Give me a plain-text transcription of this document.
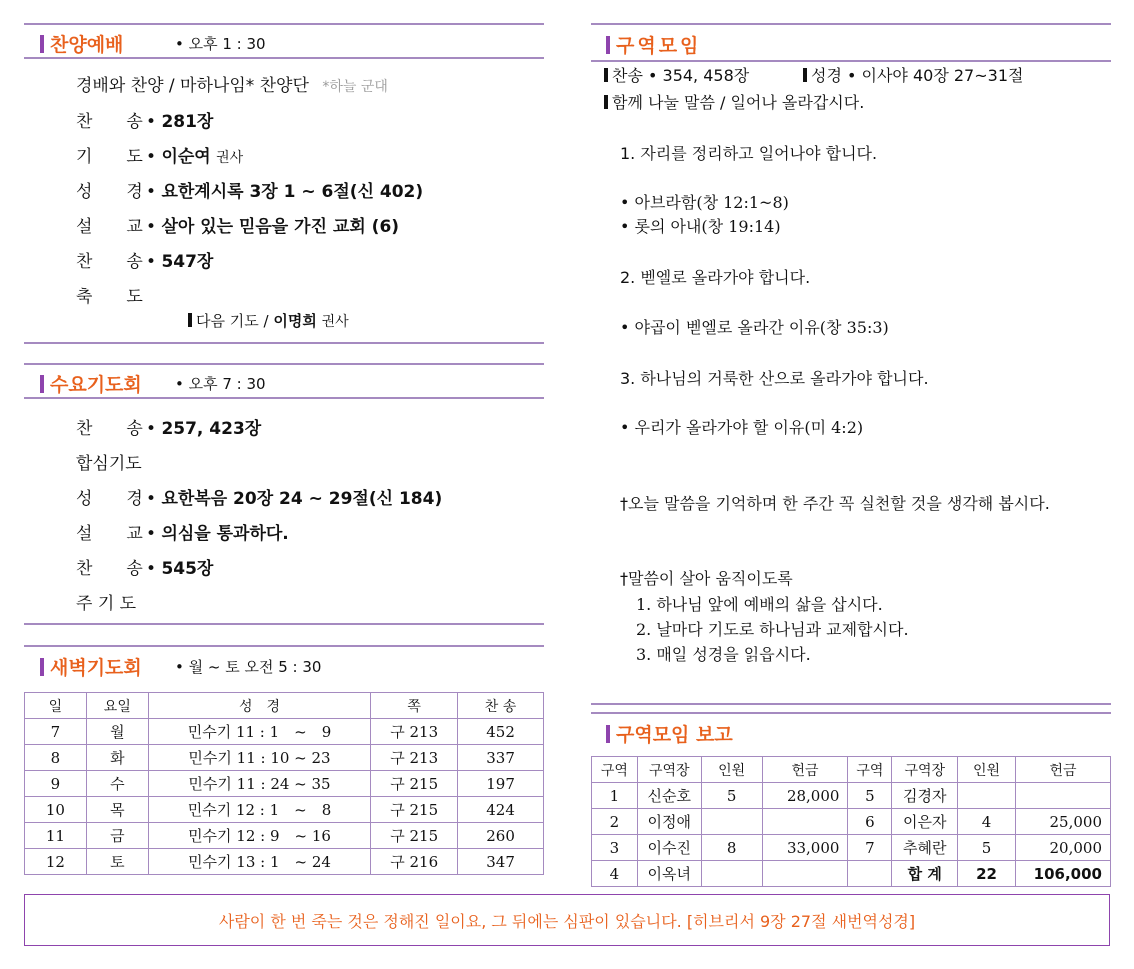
찬양예배	• 오후 1 : 30
경배와 찬양 / 마하나임* 찬양단 *하늘 군대
찬　　송 • 281장
기　　도 • 이순여 권사
성　　경 • 요한계시록 3장 1 ~ 6절(신 402)
설　　교 • 살아 있는 믿음을 가진 교회 (6)
찬　　송 • 547장
축　　도
다음 기도 / 이명희 권사
수요기도회 • 오후 7 : 30
찬　　송 • 257, 423장
합심기도
성　　경 • 요한복음 20장 24 ~ 29절(신 184)
설　　교 • 의심을 통과하다.
찬　　송 • 545장
주 기 도
새벽기도회 • 월 ~ 토 오전 5 : 30
일	요일	성　경	쪽	찬 송
7	월	민수기 11 : 1　~　9	구 213	452
8	화	민수기 11 : 10 ~ 23	구 213	337
9	수	민수기 11 : 24 ~ 35	구 215	197
10	목	민수기 12 : 1　~　8	구 215	424
11	금	민수기 12 : 9　~ 16	구 215	260
12	토	민수기 13 : 1　~ 24	구 216	347
구역모임
찬송 • 354, 458장	성경 • 이사야 40장 27~31절
함께 나눌 말씀 / 일어나 올라갑시다.
1. 자리를 정리하고 일어나야 합니다.
• 아브라함(창 12:1~8)
• 롯의 아내(창 19:14)
2. 벧엘로 올라가야 합니다.
• 야곱이 벧엘로 올라간 이유(창 35:3)
3. 하나님의 거룩한 산으로 올라가야 합니다.
• 우리가 올라가야 할 이유(미 4:2)
†오늘 말씀을 기억하며 한 주간 꼭 실천할 것을 생각해 봅시다.
†말씀이 살아 움직이도록
1. 하나님 앞에 예배의 삶을 삽시다.
2. 날마다 기도로 하나님과 교제합시다.
3. 매일 성경을 읽읍시다.
구역모임 보고
구역	구역장	인원	헌금	구역	구역장	인원	헌금
1	신순호	5	28,000	5	김경자		
2	이정애			6	이은자	4	25,000
3	이수진	8	33,000	7	추혜란	5	20,000
4	이옥녀				합 계	22	106,000
사람이 한 번 죽는 것은 정해진 일이요, 그 뒤에는 심판이 있습니다. [히브리서 9장 27절 새번역성경]
